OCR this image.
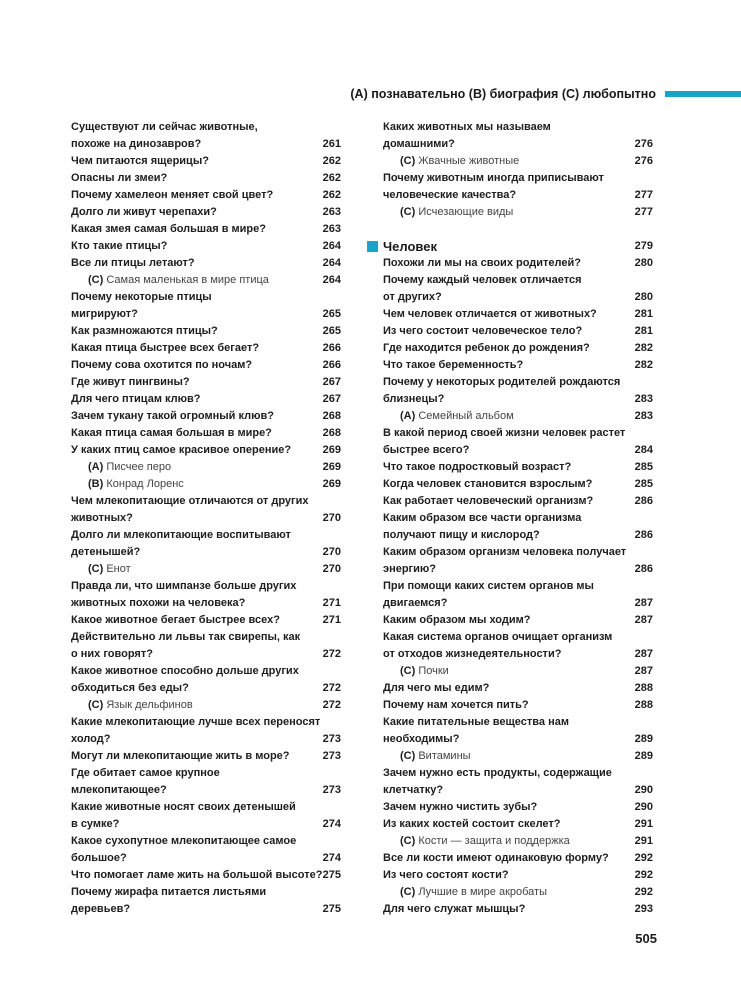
(A) познавательно (B) биография (C) любопытно
Существуют ли сейчас животные,
похоже на динозавров?	261
Чем питаются ящерицы?	262
Опасны ли змеи?	262
Почему хамелеон меняет свой цвет?	262
Долго ли живут черепахи?	263
Какая змея самая большая в мире?	263
Кто такие птицы?	264
Все ли птицы летают?	264
(C) Самая маленькая в мире птица	264
Почему некоторые птицы
мигрируют?	265
Как размножаются птицы?	265
Какая птица быстрее всех бегает?	266
Почему сова охотится по ночам?	266
Где живут пингвины?	267
Для чего птицам клюв?	267
Зачем тукану такой огромный клюв?	268
Какая птица самая большая в мире?	268
У каких птиц самое красивое оперение?	269
(A) Писчее перо	269
(B) Конрад Лоренс	269
Чем млекопитающие отличаются от других
животных?	270
Долго ли млекопитающие воспитывают
детенышей?	270
(C) Енот	270
Правда ли, что шимпанзе больше других
животных похожи на человека?	271
Какое животное бегает быстрее всех?	271
Действительно ли львы так свирепы, как
о них говорят?	272
Какое животное способно дольше других
обходиться без еды?	272
(C) Язык дельфинов	272
Какие млекопитающие лучше всех переносят
холод?	273
Могут ли млекопитающие жить в море?	273
Где обитает самое крупное
млекопитающее?	273
Какие животные носят своих детенышей
в сумке?	274
Какое сухопутное млекопитающее самое
большое?	274
Что помогает ламе жить на большой высоте? 275
Почему жирафа питается листьями
деревьев?	275
Каких животных мы называем
домашними?	276
(C) Жвачные животные	276
Почему животным иногда приписывают
человеческие качества?	277
(C) Исчезающие виды	277
Человек	279
Похожи ли мы на своих родителей?	280
Почему каждый человек отличается
от других?	280
Чем человек отличается от животных?	281
Из чего состоит человеческое тело?	281
Где находится ребенок до рождения?	282
Что такое беременность?	282
Почему у некоторых родителей рождаются
близнецы?	283
(A) Семейный альбом	283
В какой период своей жизни человек растет
быстрее всего?	284
Что такое подростковый возраст?	285
Когда человек становится взрослым?	285
Как работает человеческий организм?	286
Каким образом все части организма
получают пищу и кислород?	286
Каким образом организм человека получает
энергию?	286
При помощи каких систем органов мы
двигаемся?	287
Каким образом мы ходим?	287
Какая система органов очищает организм
от отходов жизнедеятельности?	287
(C) Почки	287
Для чего мы едим?	288
Почему нам хочется пить?	288
Какие питательные вещества нам
необходимы?	289
(C) Витамины	289
Зачем нужно есть продукты, содержащие
клетчатку?	290
Зачем нужно чистить зубы?	290
Из каких костей состоит скелет?	291
(C) Кости — защита и поддержка	291
Все ли кости имеют одинаковую форму? 292
Из чего состоят кости?	292
(C) Лучшие в мире акробаты	292
Для чего служат мышцы?	293
505
